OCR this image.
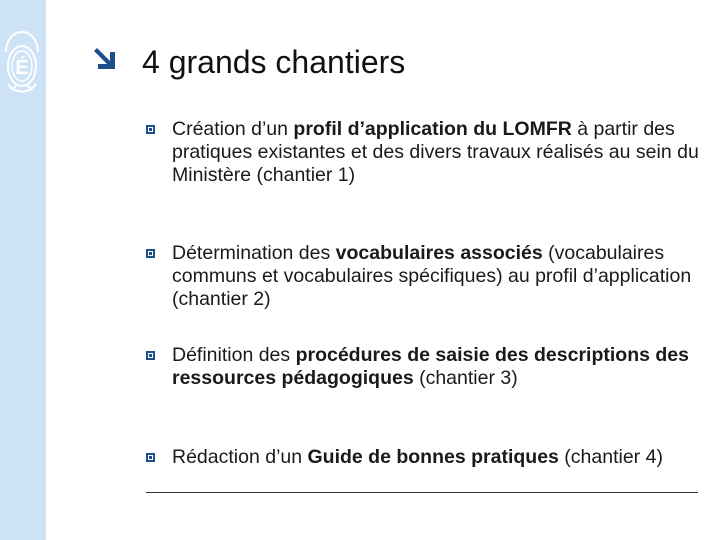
É	4 grands chantiers
Création d’un profil d’application du LOMFR à partir des pratiques existantes et des divers travaux réalisés au sein du Ministère (chantier 1)
Détermination des vocabulaires associés (vocabulaires communs et vocabulaires spécifiques) au profil d’application (chantier 2)
Définition des procédures de saisie des descriptions des ressources pédagogiques (chantier 3)
Rédaction d’un Guide de bonnes pratiques (chantier 4)
